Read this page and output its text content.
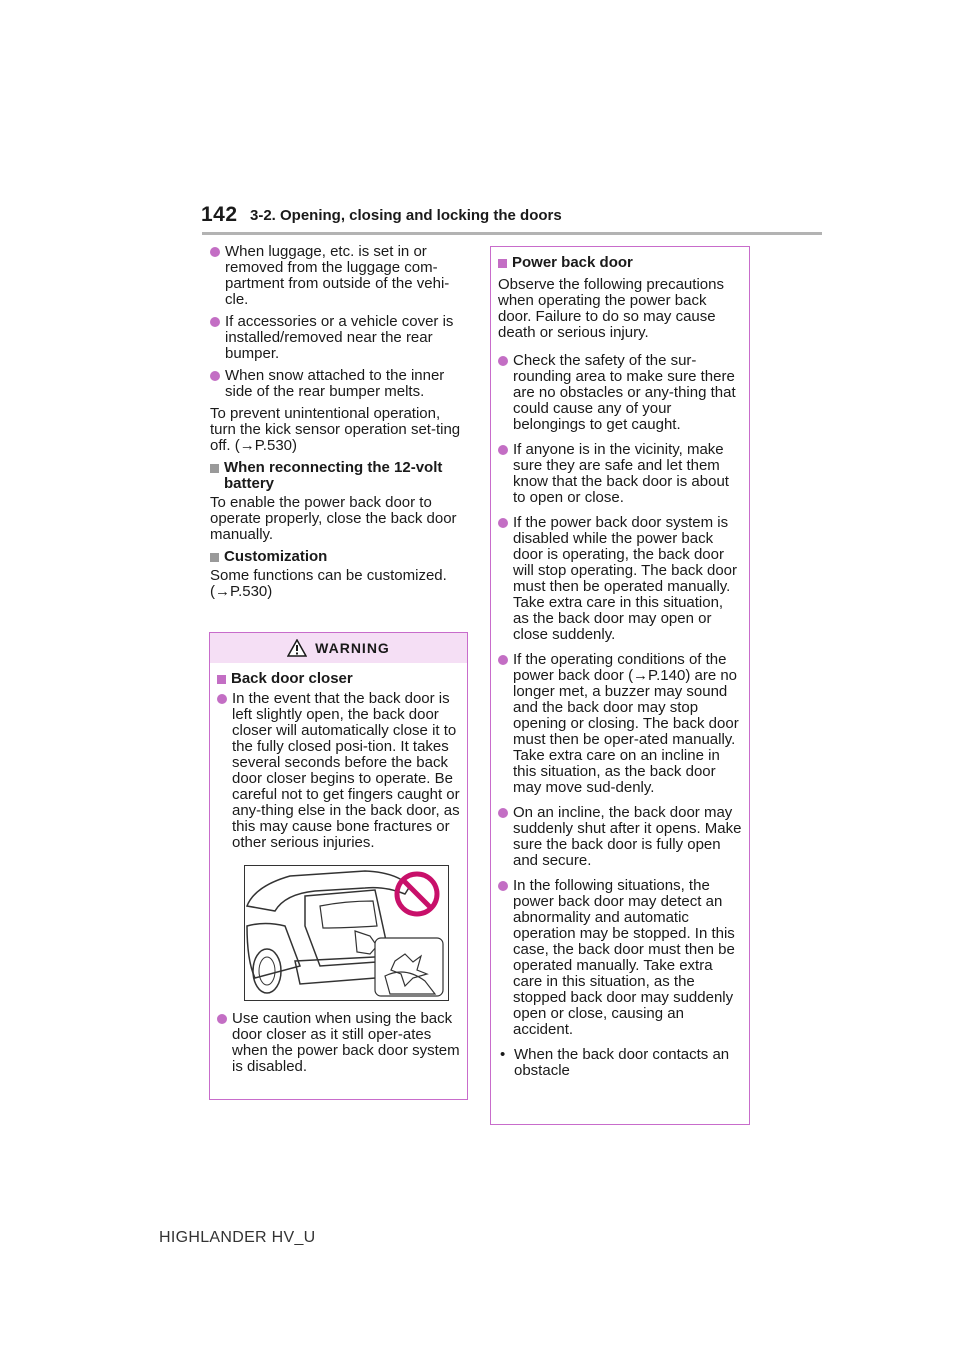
142 3-2. Opening, closing and locking the doors
When luggage, etc. is set in or removed from the luggage com-partment from outside of the vehi-cle.
If accessories or a vehicle cover is installed/removed near the rear bumper.
When snow attached to the inner side of the rear bumper melts.

To prevent unintentional operation, turn the kick sensor operation set-ting off. (→P.530)

When reconnecting the 12-volt battery

To enable the power back door to operate properly, close the back door manually.

Customization

Some functions can be customized. (→P.530)

WARNING
Back door closer
In the event that the back door is left slightly open, the back door closer will automatically close it to the fully closed posi-tion. It takes several seconds before the back door closer begins to operate. Be careful not to get fingers caught or any-thing else in the back door, as this may cause bone fractures or other serious injuries.
Use caution when using the back door closer as it still oper-ates when the power back door system is disabled.
Power back door

Observe the following precautions when operating the power back door. Failure to do so may cause death or serious injury.

Check the safety of the sur-rounding area to make sure there are no obstacles or any-thing that could cause any of your belongings to get caught.
If anyone is in the vicinity, make sure they are safe and let them know that the back door is about to open or close.
If the power back door system is disabled while the power back door is operating, the back door will stop operating. The back door must then be operated manually. Take extra care in this situation, as the back door may open or close suddenly.
If the operating conditions of the power back door (→P.140) are no longer met, a buzzer may sound and the back door may stop opening or closing. The back door must then be oper-ated manually. Take extra care on an incline in this situation, as the back door may move sud-denly.
On an incline, the back door may suddenly shut after it opens. Make sure the back door is fully open and secure.
In the following situations, the power back door may detect an abnormality and automatic operation may be stopped. In this case, the back door must then be operated manually. Take extra care in this situation, as the stopped back door may suddenly open or close, causing an accident.
• When the back door contacts an obstacle
HIGHLANDER HV_U
